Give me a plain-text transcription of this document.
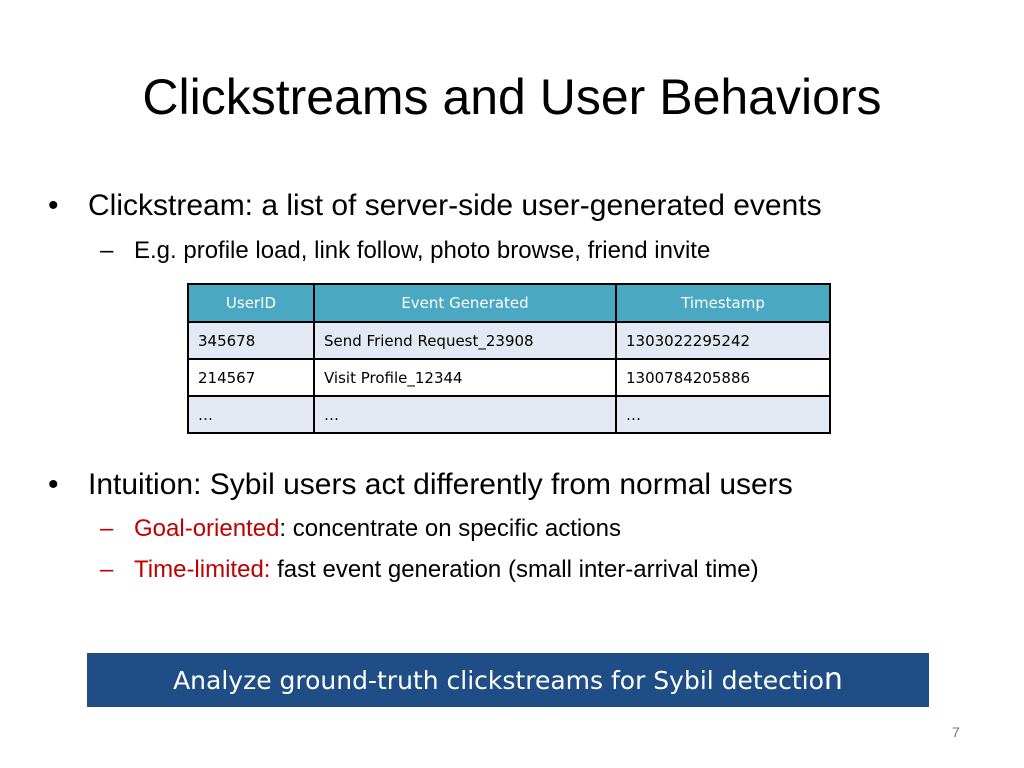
Clickstreams and User Behaviors
• Clickstream: a list of server-side user-generated events
– E.g. profile load, link follow, photo browse, friend invite
UserID	Event Generated	Timestamp
345678	Send Friend Request_23908	1303022295242
214567	Visit Profile_12344	1300784205886
…	…	…
• Intuition: Sybil users act differently from normal users
– Goal-oriented: concentrate on specific actions
– Time-limited: fast event generation (small inter-arrival time)
Analyze ground-truth clickstreams for Sybil detection
7
